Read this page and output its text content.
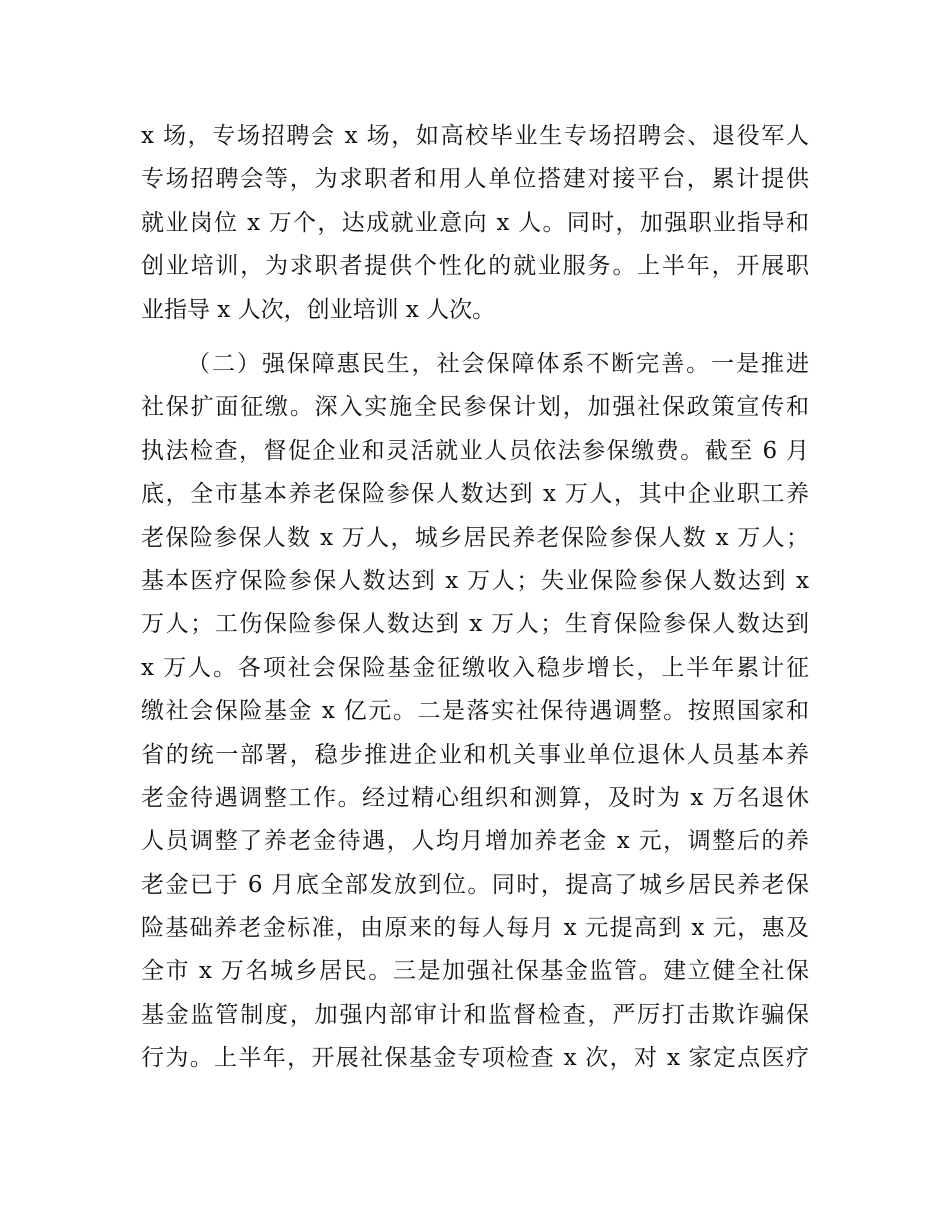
x 场，专场招聘会 x 场，如高校毕业生专场招聘会、退役军人
专场招聘会等，为求职者和用人单位搭建对接平台，累计提供
就业岗位 x 万个，达成就业意向 x 人。同时，加强职业指导和
创业培训，为求职者提供个性化的就业服务。上半年，开展职
业指导 x 人次，创业培训 x 人次。
（二）强保障惠民生，社会保障体系不断完善。一是推进
社保扩面征缴。深入实施全民参保计划，加强社保政策宣传和
执法检查，督促企业和灵活就业人员依法参保缴费。截至 6 月
底，全市基本养老保险参保人数达到 x 万人，其中企业职工养
老保险参保人数 x 万人，城乡居民养老保险参保人数 x 万人；
基本医疗保险参保人数达到 x 万人；失业保险参保人数达到 x
万人；工伤保险参保人数达到 x 万人；生育保险参保人数达到
x 万人。各项社会保险基金征缴收入稳步增长，上半年累计征
缴社会保险基金 x 亿元。二是落实社保待遇调整。按照国家和
省的统一部署，稳步推进企业和机关事业单位退休人员基本养
老金待遇调整工作。经过精心组织和测算，及时为 x 万名退休
人员调整了养老金待遇，人均月增加养老金 x 元，调整后的养
老金已于 6 月底全部发放到位。同时，提高了城乡居民养老保
险基础养老金标准，由原来的每人每月 x 元提高到 x 元，惠及
全市 x 万名城乡居民。三是加强社保基金监管。建立健全社保
基金监管制度，加强内部审计和监督检查，严厉打击欺诈骗保
行为。上半年，开展社保基金专项检查 x 次，对 x 家定点医疗
